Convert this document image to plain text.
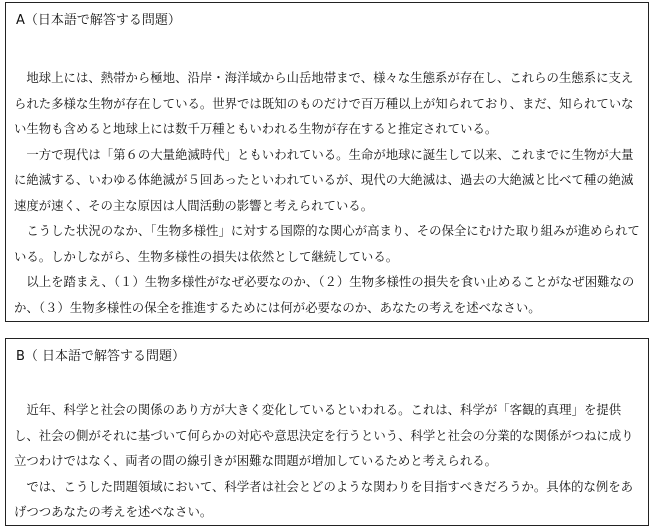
A（日本語で解答する問題）

地球上には、熱帯から極地、沿岸・海洋域から山岳地帯まで、様々な生態系が存在し、これらの生態系に支えられた多様な生物が存在している。世界では既知のものだけで百万種以上が知られており、まだ、知られていない生物も含めると地球上には数千万種ともいわれる生物が存在すると推定されている。

一方で現代は「第６の大量絶滅時代」ともいわれている。生命が地球に誕生して以来、これまでに生物が大量に絶滅する、いわゆる体絶滅が５回あったといわれているが、現代の大絶滅は、過去の大絶滅と比べて種の絶滅速度が速く、その主な原因は人間活動の影響と考えられている。

こうした状況のなか、「生物多様性」に対する国際的な関心が高まり、その保全にむけた取り組みが進められている。しかしながら、生物多様性の損失は依然として継続している。

以上を踏まえ、（１）生物多様性がなぜ必要なのか、（２）生物多様性の損失を食い止めることがなぜ困難なのか、（３）生物多様性の保全を推進するためには何が必要なのか、あなたの考えを述べなさい。

B（ 日本語で解答する問題）

近年、科学と社会の関係のあり方が大きく変化しているといわれる。これは、科学が「客観的真理」を提供し、社会の側がそれに基づいて何らかの対応や意思決定を行うという、科学と社会の分業的な関係がつねに成り立つわけではなく、両者の間の線引きが困難な問題が増加しているためと考えられる。

では、こうした問題領域において、科学者は社会とどのような関わりを目指すべきだろうか。具体的な例をあげつつあなたの考えを述べなさい。
